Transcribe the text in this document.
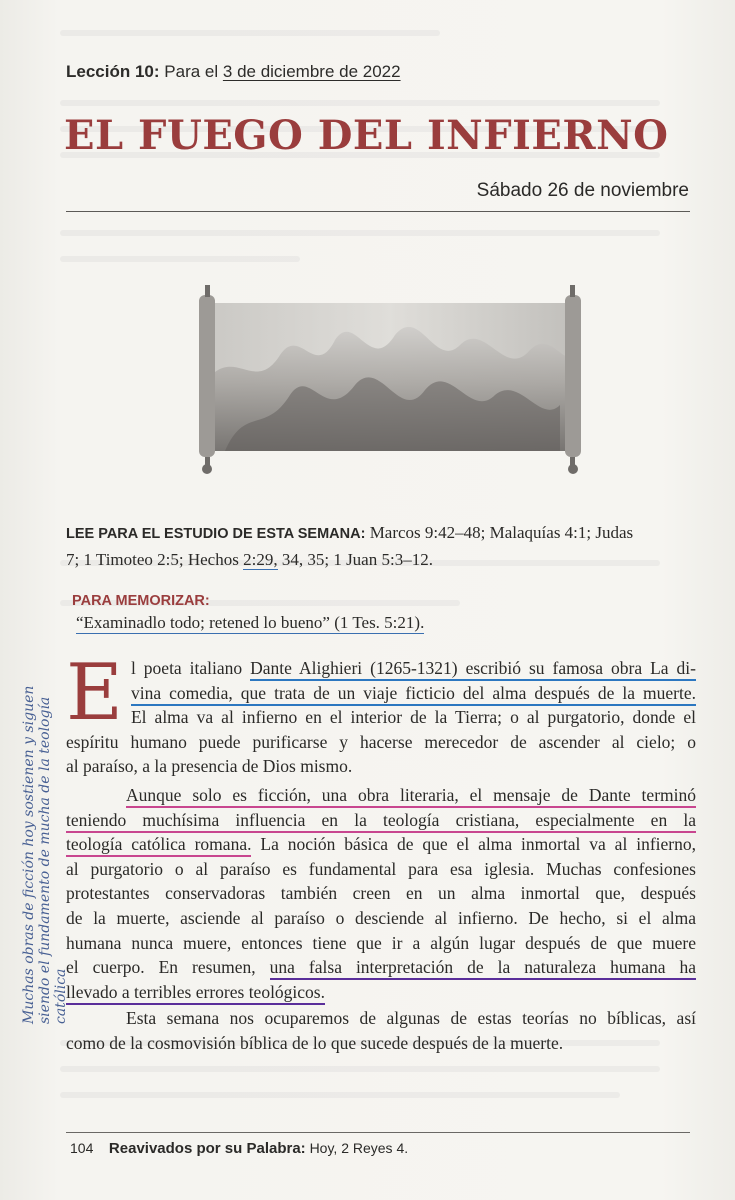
Lección 10: Para el 3 de diciembre de 2022
EL FUEGO DEL INFIERNO
Sábado 26 de noviembre
LEE PARA EL ESTUDIO DE ESTA SEMANA: Marcos 9:42–48; Malaquías 4:1; Judas
7; 1 Timoteo 2:5; Hechos 2:29, 34, 35; 1 Juan 5:3–12.
PARA MEMORIZAR:
“Examinadlo todo; retened lo bueno” (1 Tes. 5:21).

E l poeta italiano Dante Alighieri (1265-1321) escribió su famosa obra La di-
vina comedia, que trata de un viaje ficticio del alma después de la muerte.
El alma va al infierno en el interior de la Tierra; o al purgatorio, donde el
espíritu humano puede purificarse y hacerse merecedor de ascender al cielo; o
al paraíso, a la presencia de Dios mismo.

Aunque solo es ficción, una obra literaria, el mensaje de Dante terminó
teniendo muchísima influencia en la teología cristiana, especialmente en la
teología católica romana. La noción básica de que el alma inmortal va al infierno,
al purgatorio o al paraíso es fundamental para esa iglesia. Muchas confesiones
protestantes conservadoras también creen en un alma inmortal que, después
de la muerte, asciende al paraíso o desciende al infierno. De hecho, si el alma
humana nunca muere, entonces tiene que ir a algún lugar después de que muere
el cuerpo. En resumen, una falsa interpretación de la naturaleza humana ha
llevado a terribles errores teológicos.

Esta semana nos ocuparemos de algunas de estas teorías no bíblicas, así
como de la cosmovisión bíblica de lo que sucede después de la muerte.

Muchas obras de ficción hoy sostienen y siguen siendo el fundamento de mucha de la teología católica
104 Reavivados por su Palabra: Hoy, 2 Reyes 4.
